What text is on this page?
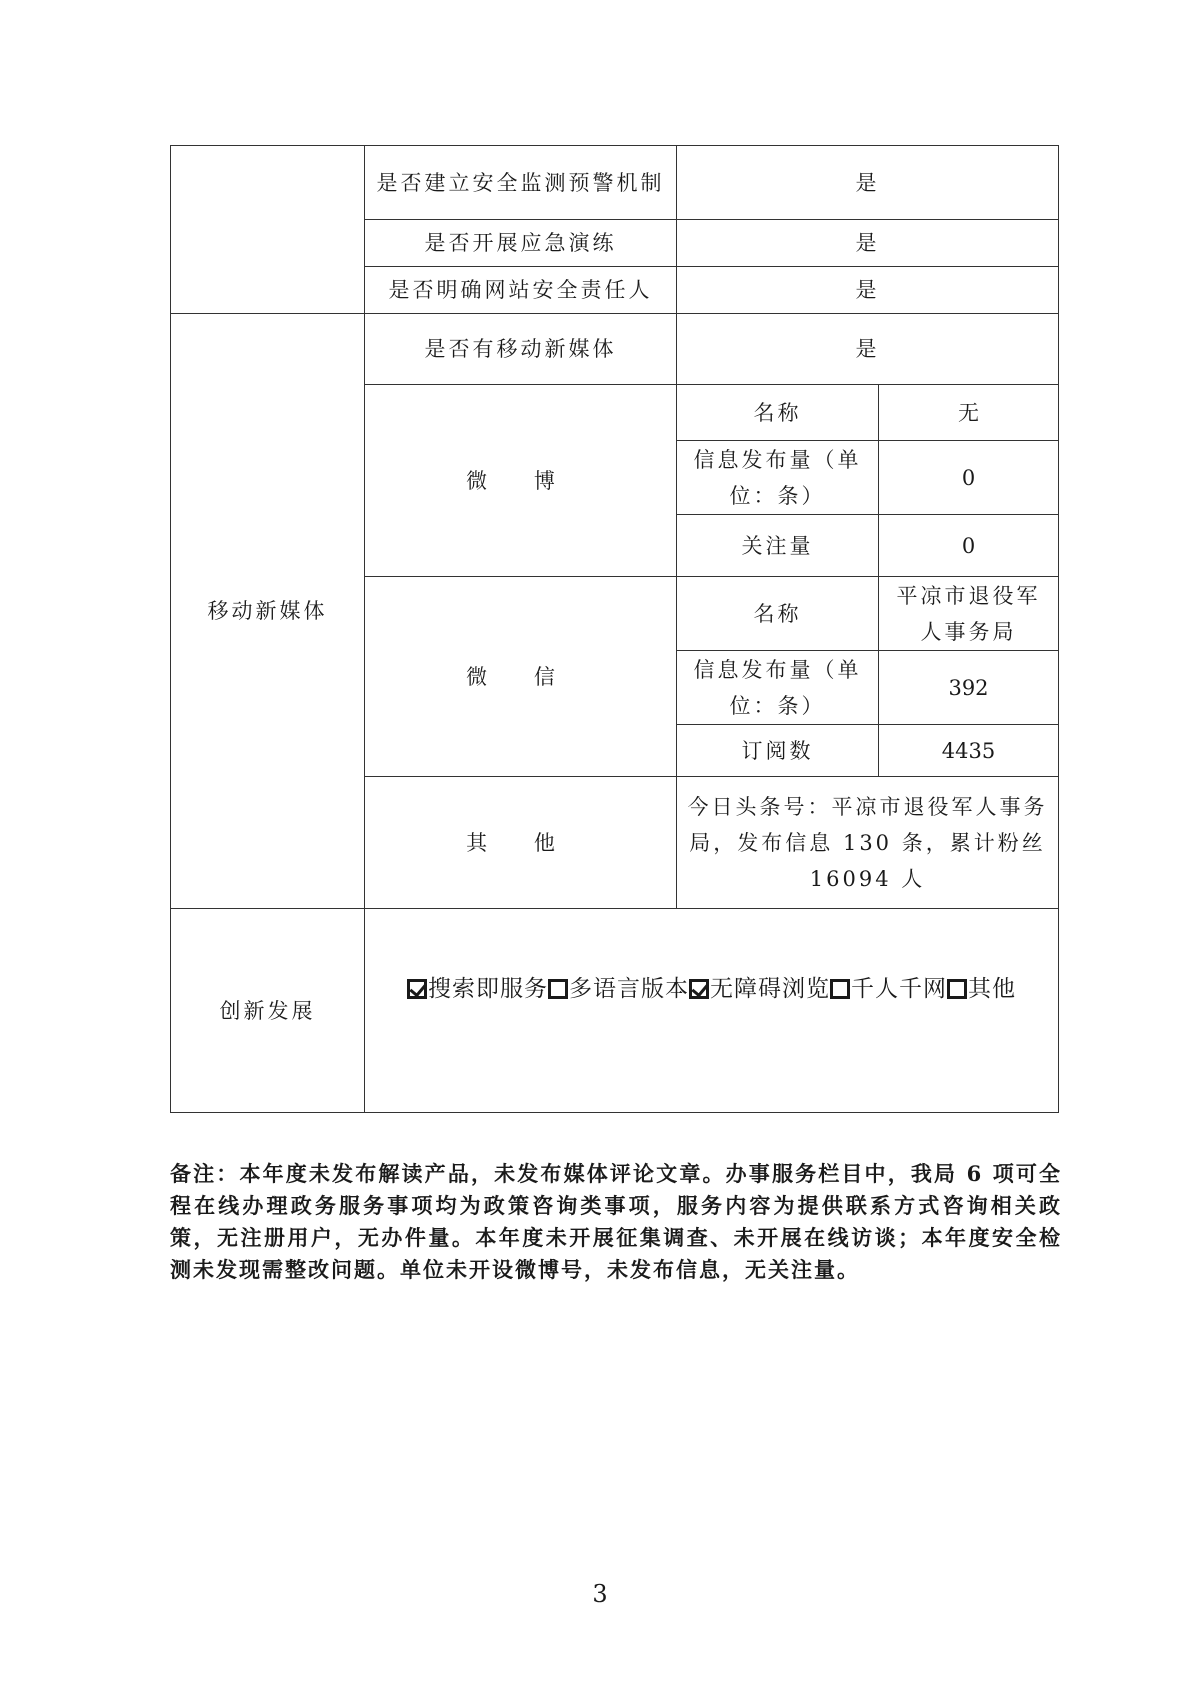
	是否建立安全监测预警机制	是	
	是否开展应急演练	是	
	是否明确网站安全责任人	是	
移动新媒体	是否有移动新媒体	是	
	微 博	名称	无
		信息发布量（单位：条）	0
		关注量	0
	微 信	名称	平凉市退役军人事务局
		信息发布量（单位：条）	392
		订阅数	4435
	其 他	今日头条号：平凉市退役军人事务局，发布信息 130 条，累计粉丝 16094 人	
创新发展	搜索即服务 多语言版本 无障碍浏览 千人千网 其他		

备注：本年度未发布解读产品，未发布媒体评论文章。办事服务栏目中，我局 6 项可全程在线办理政务服务事项均为政策咨询类事项，服务内容为提供联系方式咨询相关政策，无注册用户，无办件量。本年度未开展征集调查、未开展在线访谈；本年度安全检测未发现需整改问题。单位未开设微博号，未发布信息，无关注量。

3
